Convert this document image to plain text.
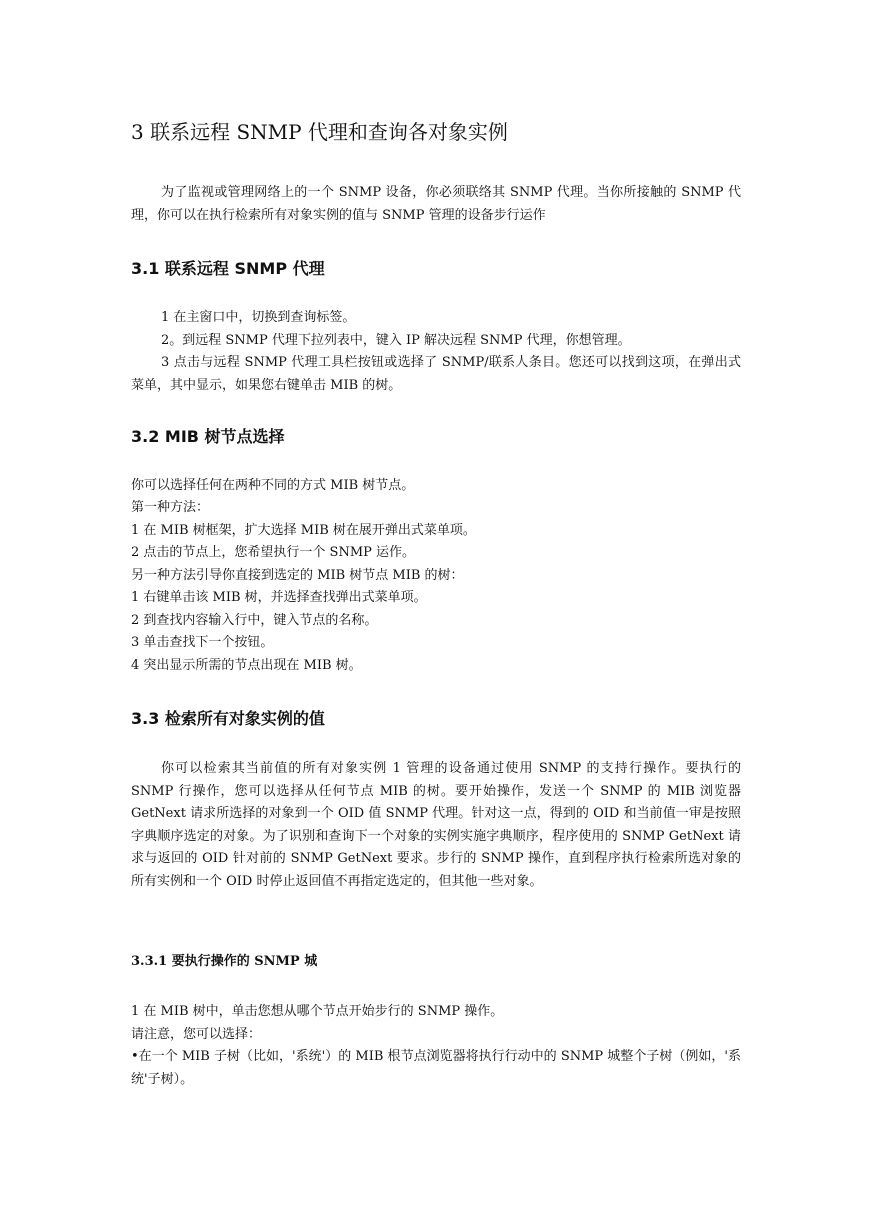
3 联系远程 SNMP 代理和查询各对象实例

为了监视或管理网络上的一个 SNMP 设备，你必须联络其 SNMP 代理。当你所接触的 SNMP 代理，你可以在执行检索所有对象实例的值与 SNMP 管理的设备步行运作

3.1 联系远程 SNMP 代理

1 在主窗口中，切换到查询标签。

2。到远程 SNMP 代理下拉列表中，键入 IP 解决远程 SNMP 代理，你想管理。

3 点击与远程 SNMP 代理工具栏按钮或选择了 SNMP/联系人条目。您还可以找到这项，在弹出式菜单，其中显示，如果您右键单击 MIB 的树。

3.2 MIB 树节点选择

你可以选择任何在两种不同的方式 MIB 树节点。

第一种方法：

1 在 MIB 树框架，扩大选择 MIB 树在展开弹出式菜单项。

2 点击的节点上，您希望执行一个 SNMP 运作。

另一种方法引导你直接到选定的 MIB 树节点 MIB 的树：

1 右键单击该 MIB 树，并选择查找弹出式菜单项。

2 到查找内容输入行中，键入节点的名称。

3 单击查找下一个按钮。

4 突出显示所需的节点出现在 MIB 树。

3.3 检索所有对象实例的值

你可以检索其当前值的所有对象实例 1 管理的设备通过使用 SNMP 的支持行操作。要执行的 SNMP 行操作，您可以选择从任何节点 MIB 的树。要开始操作，发送一个 SNMP 的 MIB 浏览器 GetNext 请求所选择的对象到一个 OID 值 SNMP 代理。针对这一点，得到的 OID 和当前值一审是按照字典顺序选定的对象。为了识别和查询下一个对象的实例实施字典顺序，程序使用的 SNMP GetNext 请求与返回的 OID 针对前的 SNMP GetNext 要求。步行的 SNMP 操作，直到程序执行检索所选对象的所有实例和一个 OID 时停止返回值不再指定选定的，但其他一些对象。

3.3.1 要执行操作的 SNMP 城

1 在 MIB 树中，单击您想从哪个节点开始步行的 SNMP 操作。

请注意，您可以选择：

•在一个 MIB 子树（比如，'系统'）的 MIB 根节点浏览器将执行行动中的 SNMP 城整个子树（例如，'系统'子树）。
